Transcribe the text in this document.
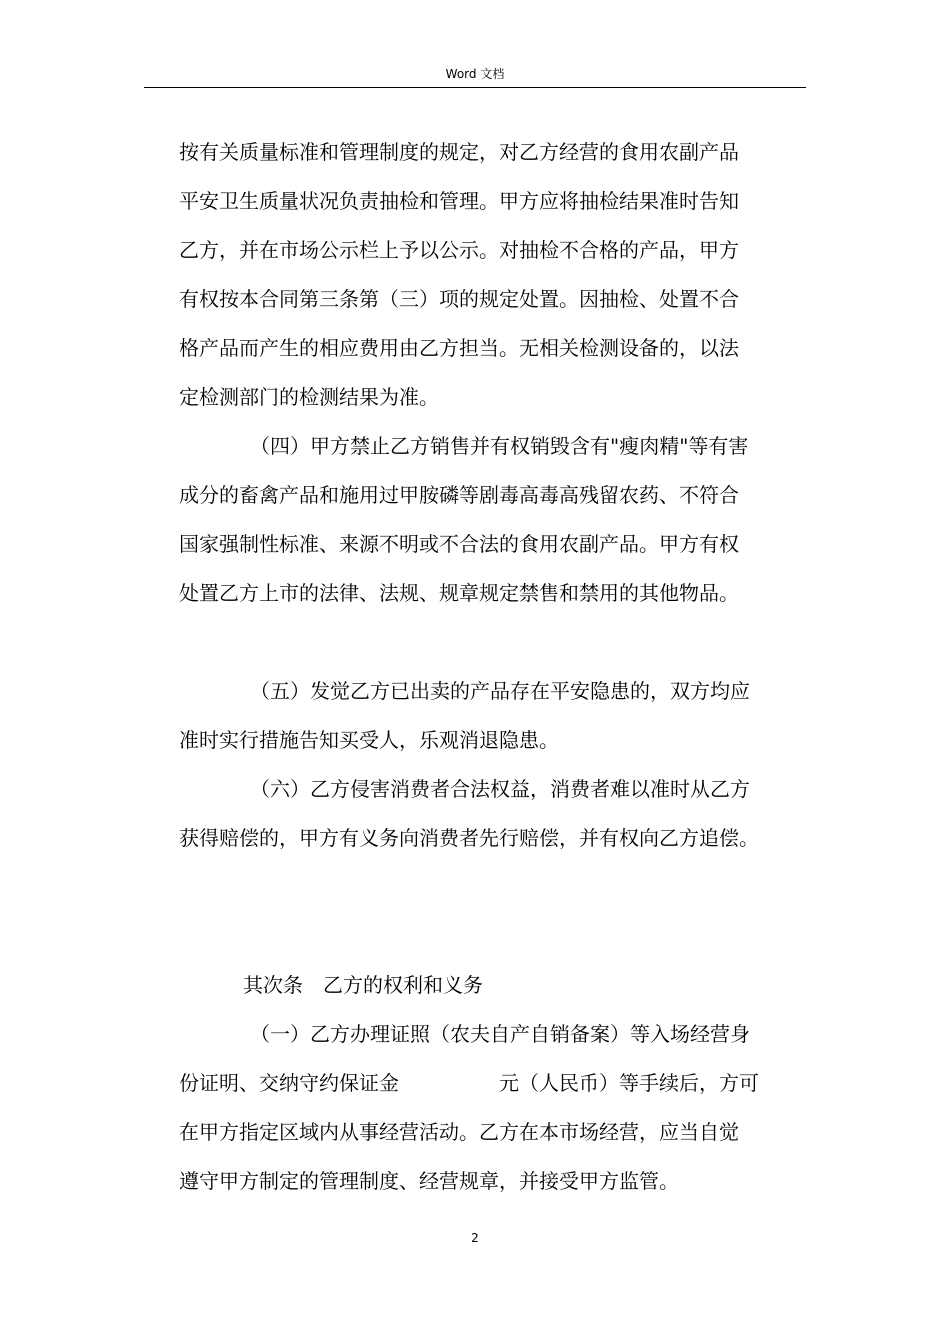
Word 文档
按有关质量标准和管理制度的规定，对乙方经营的食用农副产品
平安卫生质量状况负责抽检和管理。甲方应将抽检结果准时告知
乙方，并在市场公示栏上予以公示。对抽检不合格的产品，甲方
有权按本合同第三条第（三）项的规定处置。因抽检、处置不合
格产品而产生的相应费用由乙方担当。无相关检测设备的，以法
定检测部门的检测结果为准。
（四）甲方禁止乙方销售并有权销毁含有"瘦肉精"等有害
成分的畜禽产品和施用过甲胺磷等剧毒高毒高残留农药、不符合
国家强制性标准、来源不明或不合法的食用农副产品。甲方有权
处置乙方上市的法律、法规、规章规定禁售和禁用的其他物品。
（五）发觉乙方已出卖的产品存在平安隐患的，双方均应
准时实行措施告知买受人，乐观消退隐患。
（六）乙方侵害消费者合法权益，消费者难以准时从乙方
获得赔偿的，甲方有义务向消费者先行赔偿，并有权向乙方追偿。
其次条　乙方的权利和义务
（一）乙方办理证照（农夫自产自销备案）等入场经营身
份证明、交纳守约保证金　　　　　元（人民币）等手续后，方可
在甲方指定区域内从事经营活动。乙方在本市场经营，应当自觉
遵守甲方制定的管理制度、经营规章，并接受甲方监管。
2
